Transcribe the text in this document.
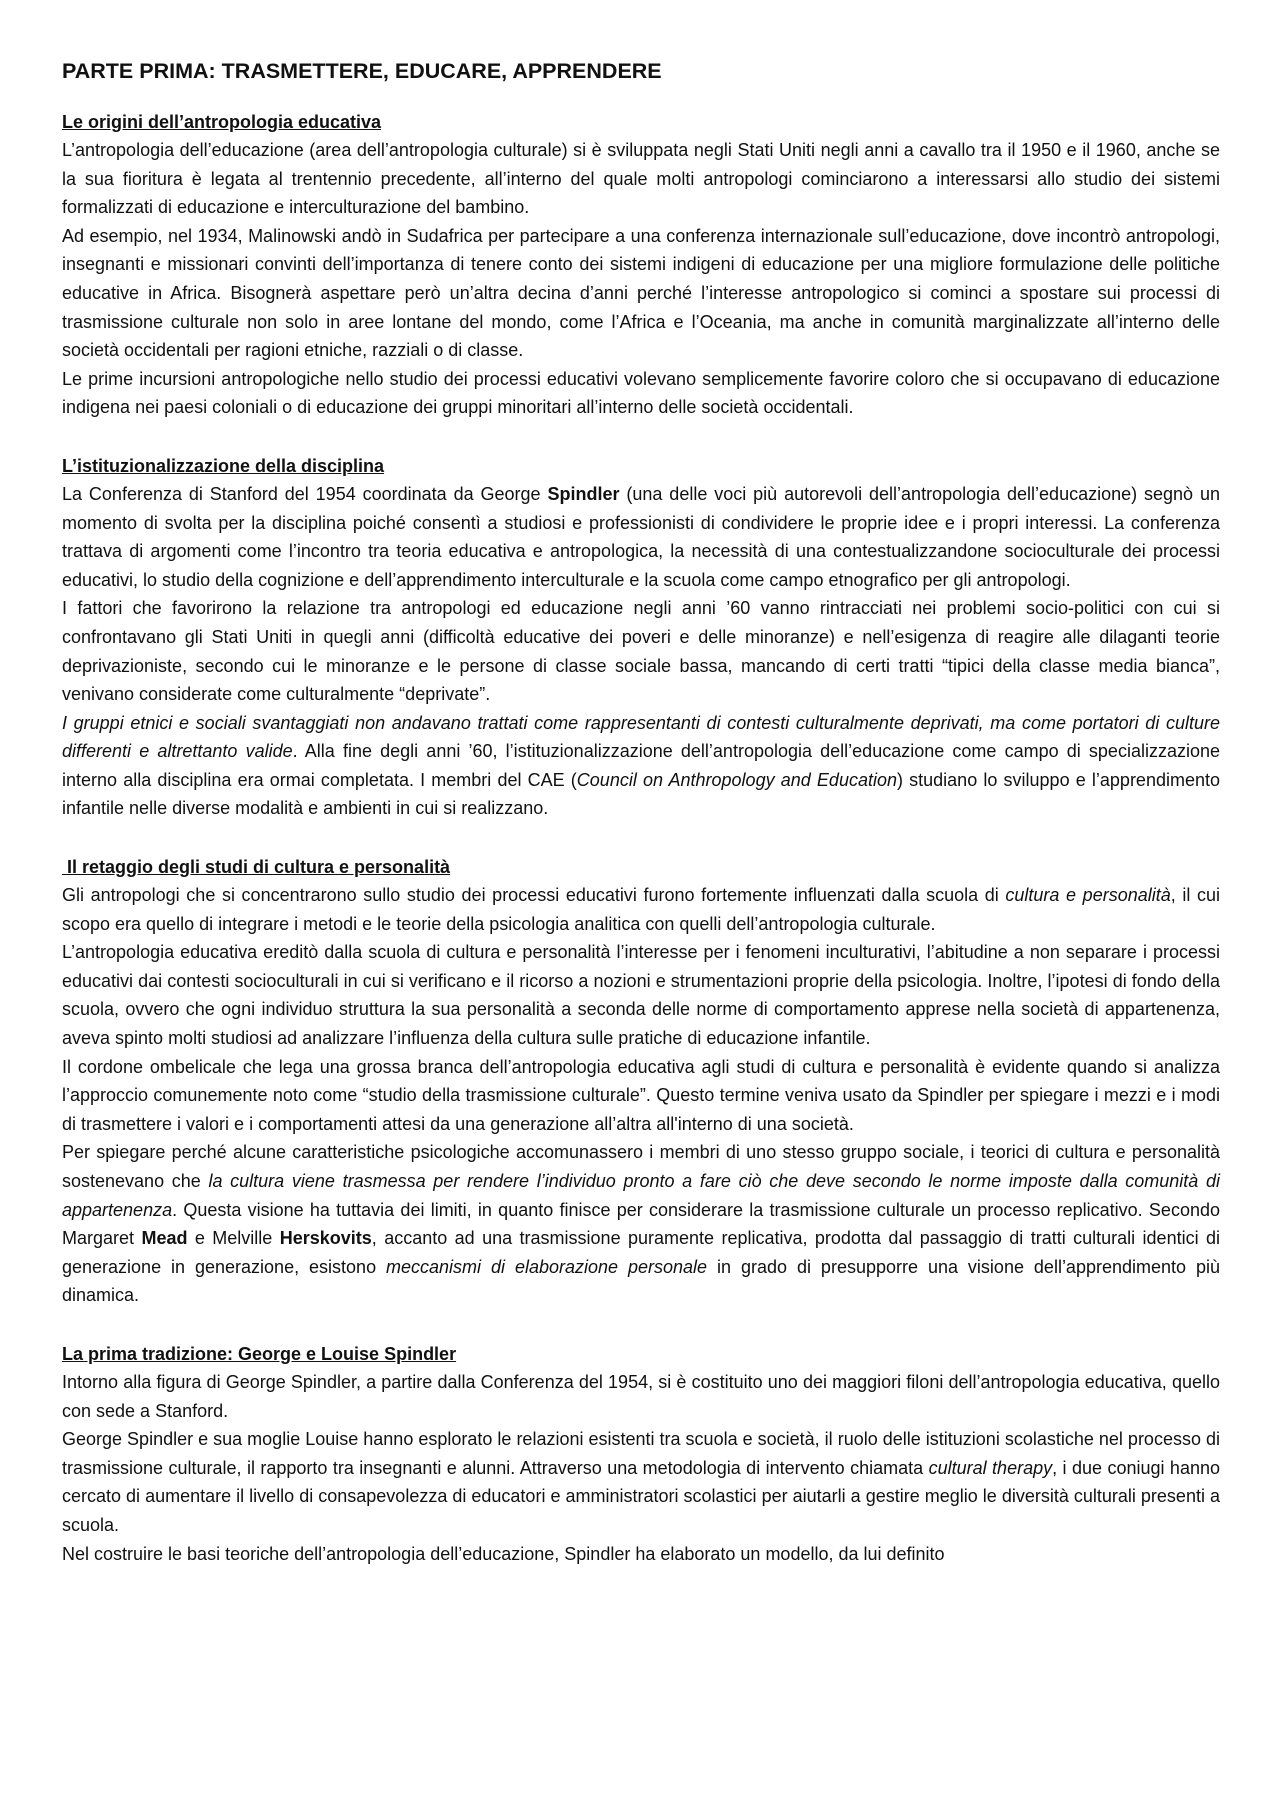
PARTE PRIMA: TRASMETTERE, EDUCARE, APPRENDERE
Le origini dell’antropologia educativa

L’antropologia dell’educazione (area dell’antropologia culturale) si è sviluppata negli Stati Uniti negli anni a cavallo tra il 1950 e il 1960, anche se la sua fioritura è legata al trentennio precedente, all’interno del quale molti antropologi cominciarono a interessarsi allo studio dei sistemi formalizzati di educazione e interculturazione del bambino.

Ad esempio, nel 1934, Malinowski andò in Sudafrica per partecipare a una conferenza internazionale sull’educazione, dove incontrò antropologi, insegnanti e missionari convinti dell’importanza di tenere conto dei sistemi indigeni di educazione per una migliore formulazione delle politiche educative in Africa. Bisognerà aspettare però un’altra decina d’anni perché l’interesse antropologico si cominci a spostare sui processi di trasmissione culturale non solo in aree lontane del mondo, come l’Africa e l’Oceania, ma anche in comunità marginalizzate all’interno delle società occidentali per ragioni etniche, razziali o di classe.

Le prime incursioni antropologiche nello studio dei processi educativi volevano semplicemente favorire coloro che si occupavano di educazione indigena nei paesi coloniali o di educazione dei gruppi minoritari all’interno delle società occidentali.

L’istituzionalizzazione della disciplina

La Conferenza di Stanford del 1954 coordinata da George Spindler (una delle voci più autorevoli dell’antropologia dell’educazione) segnò un momento di svolta per la disciplina poiché consentì a studiosi e professionisti di condividere le proprie idee e i propri interessi. La conferenza trattava di argomenti come l’incontro tra teoria educativa e antropologica, la necessità di una contestualizzandone socioculturale dei processi educativi, lo studio della cognizione e dell’apprendimento interculturale e la scuola come campo etnografico per gli antropologi.

I fattori che favorirono la relazione tra antropologi ed educazione negli anni ’60 vanno rintracciati nei problemi socio-politici con cui si confrontavano gli Stati Uniti in quegli anni (difficoltà educative dei poveri e delle minoranze) e nell’esigenza di reagire alle dilaganti teorie deprivazioniste, secondo cui le minoranze e le persone di classe sociale bassa, mancando di certi tratti “tipici della classe media bianca”, venivano considerate come culturalmente “deprivate”.

I gruppi etnici e sociali svantaggiati non andavano trattati come rappresentanti di contesti culturalmente deprivati, ma come portatori di culture differenti e altrettanto valide. Alla fine degli anni ’60, l’istituzionalizzazione dell’antropologia dell’educazione come campo di specializzazione interno alla disciplina era ormai completata. I membri del CAE (Council on Anthropology and Education) studiano lo sviluppo e l’apprendimento infantile nelle diverse modalità e ambienti in cui si realizzano.

Il retaggio degli studi di cultura e personalità

Gli antropologi che si concentrarono sullo studio dei processi educativi furono fortemente influenzati dalla scuola di cultura e personalità, il cui scopo era quello di integrare i metodi e le teorie della psicologia analitica con quelli dell’antropologia culturale.

L’antropologia educativa ereditò dalla scuola di cultura e personalità l’interesse per i fenomeni inculturativi, l’abitudine a non separare i processi educativi dai contesti socioculturali in cui si verificano e il ricorso a nozioni e strumentazioni proprie della psicologia. Inoltre, l’ipotesi di fondo della scuola, ovvero che ogni individuo struttura la sua personalità a seconda delle norme di comportamento apprese nella società di appartenenza, aveva spinto molti studiosi ad analizzare l’influenza della cultura sulle pratiche di educazione infantile.

Il cordone ombelicale che lega una grossa branca dell’antropologia educativa agli studi di cultura e personalità è evidente quando si analizza l’approccio comunemente noto come “studio della trasmissione culturale”. Questo termine veniva usato da Spindler per spiegare i mezzi e i modi di trasmettere i valori e i comportamenti attesi da una generazione all’altra all'interno di una società.

Per spiegare perché alcune caratteristiche psicologiche accomunassero i membri di uno stesso gruppo sociale, i teorici di cultura e personalità sostenevano che la cultura viene trasmessa per rendere l’individuo pronto a fare ciò che deve secondo le norme imposte dalla comunità di appartenenza. Questa visione ha tuttavia dei limiti, in quanto finisce per considerare la trasmissione culturale un processo replicativo. Secondo Margaret Mead e Melville Herskovits, accanto ad una trasmissione puramente replicativa, prodotta dal passaggio di tratti culturali identici di generazione in generazione, esistono meccanismi di elaborazione personale in grado di presupporre una visione dell’apprendimento più dinamica.

La prima tradizione: George e Louise Spindler

Intorno alla figura di George Spindler, a partire dalla Conferenza del 1954, si è costituito uno dei maggiori filoni dell’antropologia educativa, quello con sede a Stanford.

George Spindler e sua moglie Louise hanno esplorato le relazioni esistenti tra scuola e società, il ruolo delle istituzioni scolastiche nel processo di trasmissione culturale, il rapporto tra insegnanti e alunni. Attraverso una metodologia di intervento chiamata cultural therapy, i due coniugi hanno cercato di aumentare il livello di consapevolezza di educatori e amministratori scolastici per aiutarli a gestire meglio le diversità culturali presenti a scuola.

Nel costruire le basi teoriche dell’antropologia dell’educazione, Spindler ha elaborato un modello, da lui definito
